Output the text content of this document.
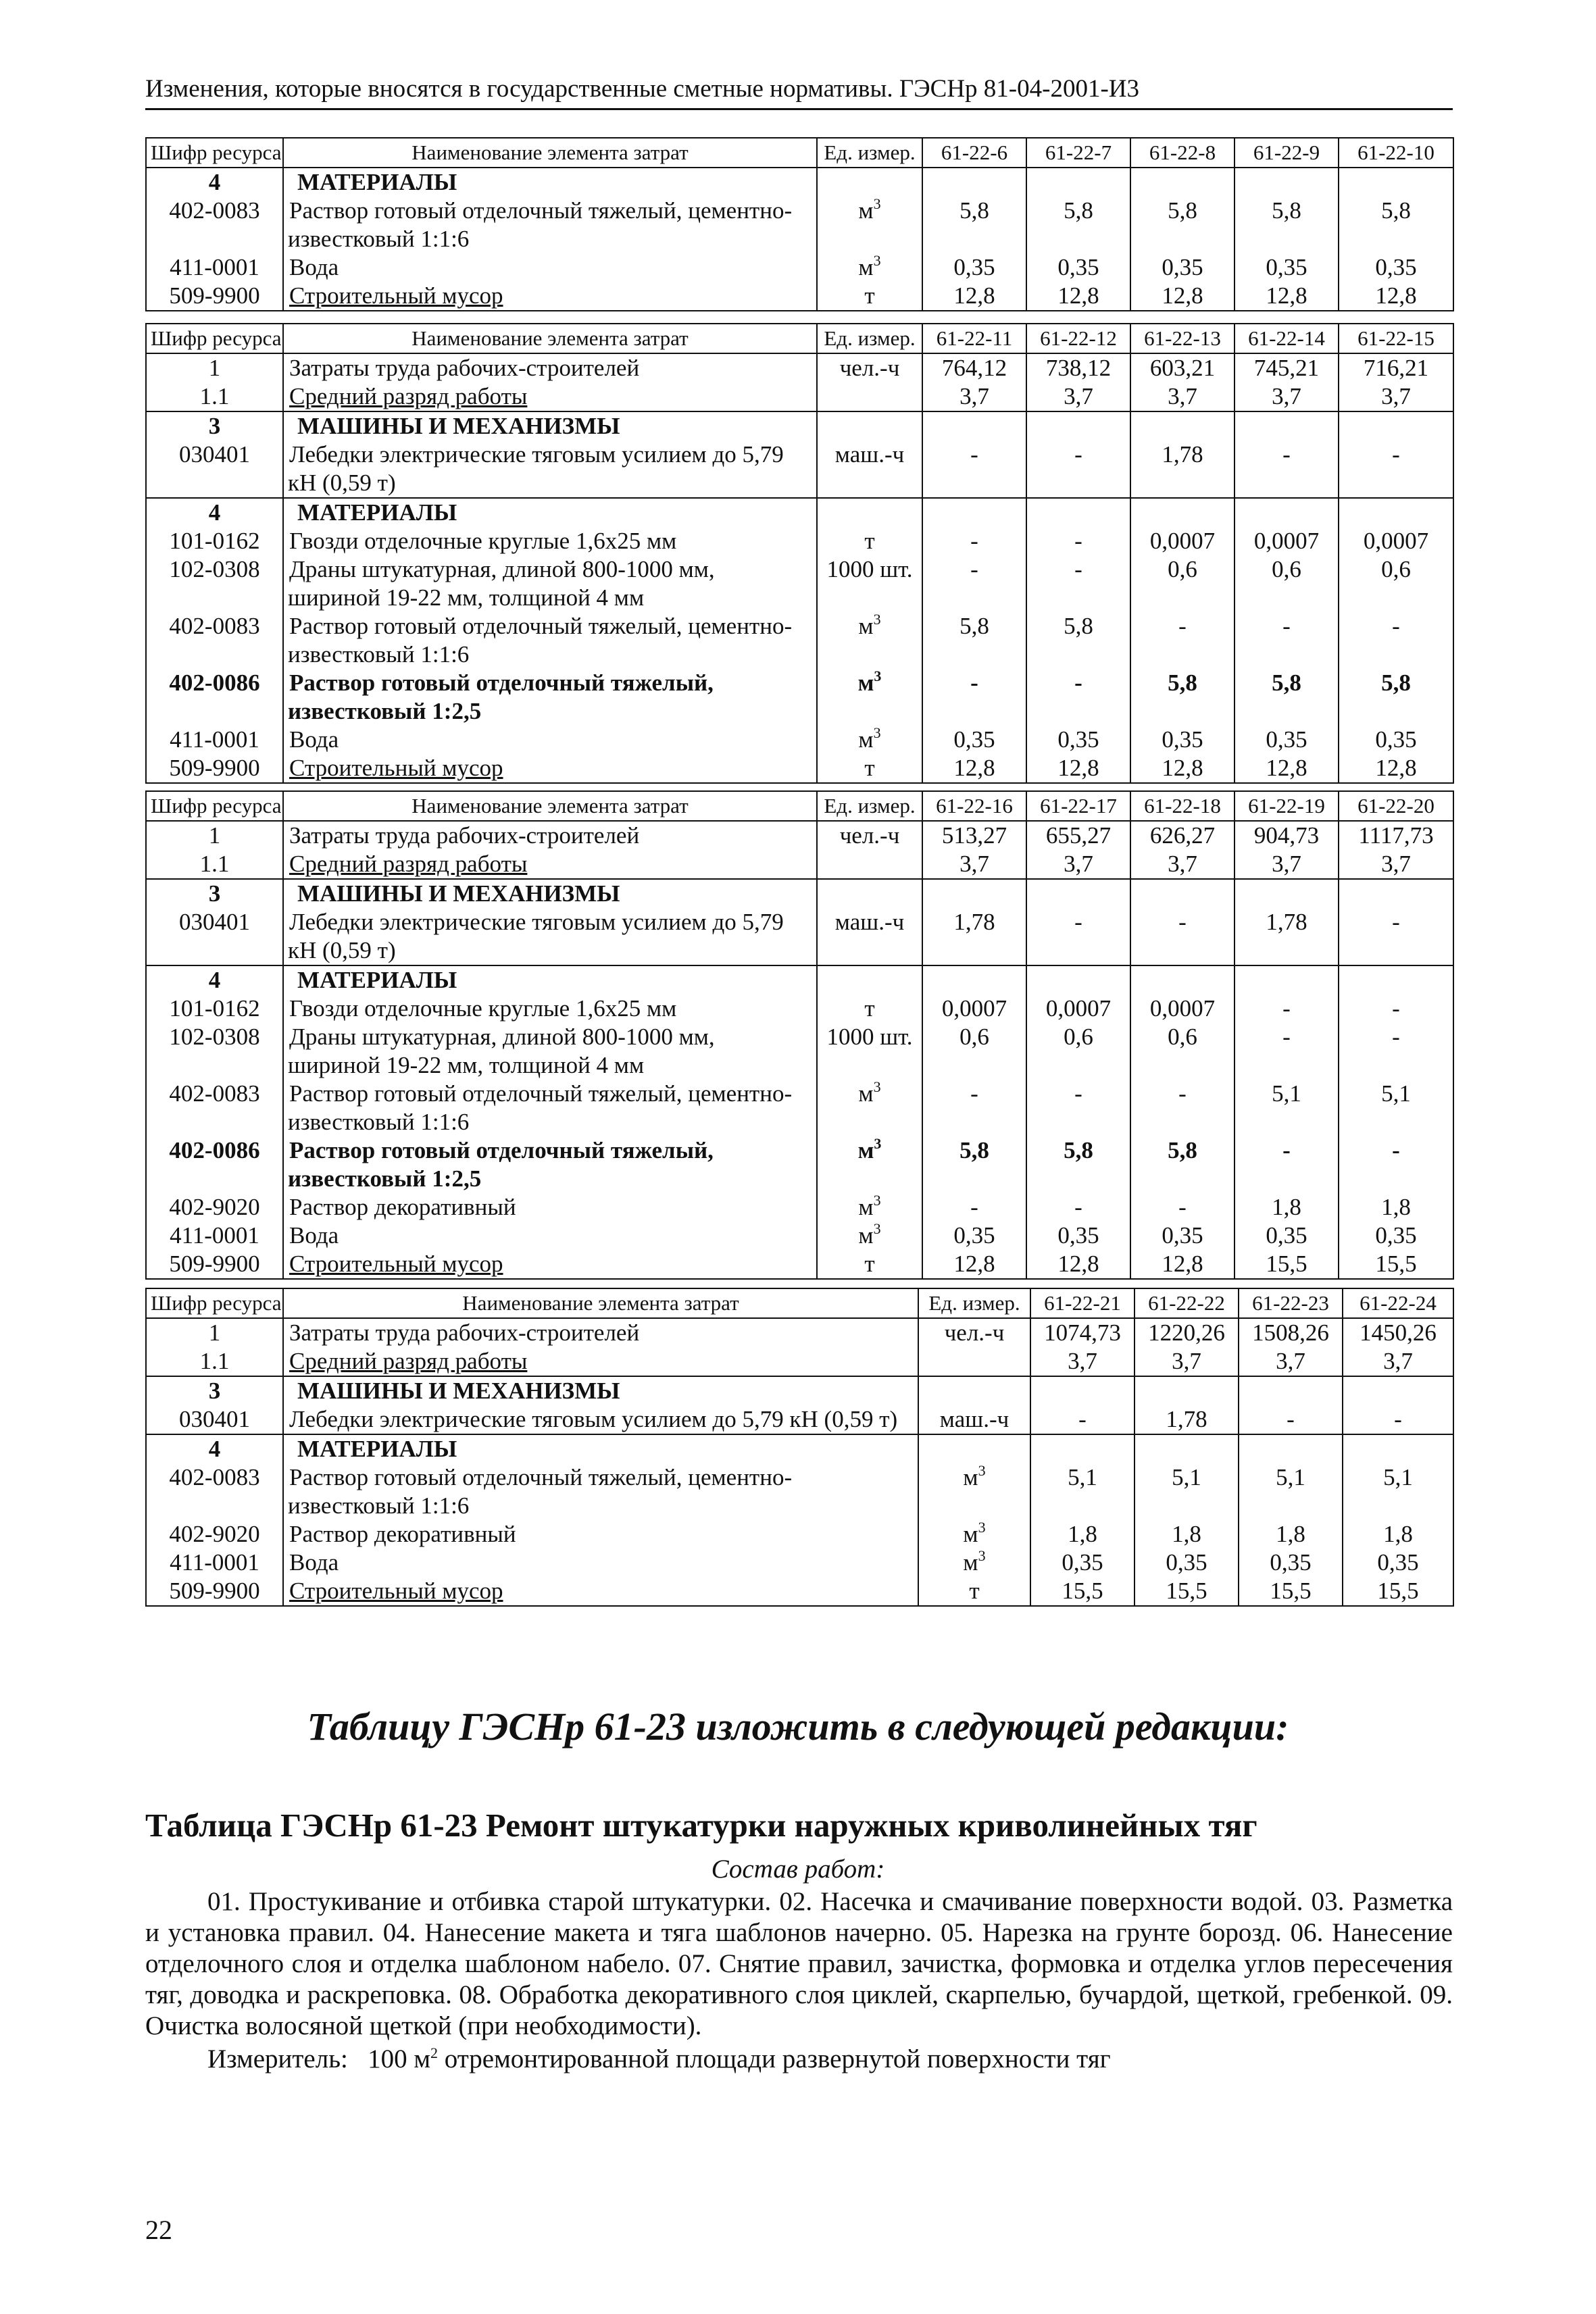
Изменения, которые вносятся в государственные сметные нормативы. ГЭСНр 81-04-2001-И3
Шифр ресурса	Наименование элемента затрат	Ед. измер.	61-22-6	61-22-7	61-22-8	61-22-9	61-22-10
4	МАТЕРИАЛЫ						
402-0083	Раствор готовый отделочный тяжелый, цементно-известковый 1:1:6	$м^3$	5,8	5,8	5,8	5,8	5,8
411-0001	Вода	$м^3$	0,35	0,35	0,35	0,35	0,35
509-9900	Строительный мусор	т	12,8	12,8	12,8	12,8	12,8
Шифр ресурса	Наименование элемента затрат	Ед. измер.	61-22-11	61-22-12	61-22-13	61-22-14	61-22-15
1	Затраты труда рабочих-строителей	чел.-ч	764,12	738,12	603,21	745,21	716,21
1.1	Средний разряд работы		3,7	3,7	3,7	3,7	3,7
3	МАШИНЫ И МЕХАНИЗМЫ						
030401	Лебедки электрические тяговым усилием до 5,79 кН (0,59 т)	маш.-ч	-	-	1,78	-	-
4	МАТЕРИАЛЫ						
101-0162	Гвозди отделочные круглые 1,6х25 мм	т	-	-	0,0007	0,0007	0,0007
102-0308	Драны штукатурная, длиной 800-1000 мм, шириной 19-22 мм, толщиной 4 мм	1000 шт.	-	-	0,6	0,6	0,6
402-0083	Раствор готовый отделочный тяжелый, цементно-известковый 1:1:6	$м^3$	5,8	5,8	-	-	-
402-0086	Раствор готовый отделочный тяжелый, известковый 1:2,5	$м^3$	-	-	5,8	5,8	5,8
411-0001	Вода	$м^3$	0,35	0,35	0,35	0,35	0,35
509-9900	Строительный мусор	т	12,8	12,8	12,8	12,8	12,8
Шифр ресурса	Наименование элемента затрат	Ед. измер.	61-22-16	61-22-17	61-22-18	61-22-19	61-22-20
1	Затраты труда рабочих-строителей	чел.-ч	513,27	655,27	626,27	904,73	1117,73
1.1	Средний разряд работы		3,7	3,7	3,7	3,7	3,7
3	МАШИНЫ И МЕХАНИЗМЫ						
030401	Лебедки электрические тяговым усилием до 5,79 кН (0,59 т)	маш.-ч	1,78	-	-	1,78	-
4	МАТЕРИАЛЫ						
101-0162	Гвозди отделочные круглые 1,6х25 мм	т	0,0007	0,0007	0,0007	-	-
102-0308	Драны штукатурная, длиной 800-1000 мм, шириной 19-22 мм, толщиной 4 мм	1000 шт.	0,6	0,6	0,6	-	-
402-0083	Раствор готовый отделочный тяжелый, цементно-известковый 1:1:6	$м^3$	-	-	-	5,1	5,1
402-0086	Раствор готовый отделочный тяжелый, известковый 1:2,5	$м^3$	5,8	5,8	5,8	-	-
402-9020	Раствор декоративный	$м^3$	-	-	-	1,8	1,8
411-0001	Вода	$м^3$	0,35	0,35	0,35	0,35	0,35
509-9900	Строительный мусор	т	12,8	12,8	12,8	15,5	15,5
Шифр ресурса	Наименование элемента затрат	Ед. измер.	61-22-21	61-22-22	61-22-23	61-22-24
1	Затраты труда рабочих-строителей	чел.-ч	1074,73	1220,26	1508,26	1450,26
1.1	Средний разряд работы		3,7	3,7	3,7	3,7
3	МАШИНЫ И МЕХАНИЗМЫ					
030401	Лебедки электрические тяговым усилием до 5,79 кН (0,59 т)	маш.-ч	-	1,78	-	-
4	МАТЕРИАЛЫ					
402-0083	Раствор готовый отделочный тяжелый, цементно-известковый 1:1:6	$м^3$	5,1	5,1	5,1	5,1
402-9020	Раствор декоративный	$м^3$	1,8	1,8	1,8	1,8
411-0001	Вода	$м^3$	0,35	0,35	0,35	0,35
509-9900	Строительный мусор	т	15,5	15,5	15,5	15,5
Таблицу ГЭСНр 61-23 изложить в следующей редакции:
Таблица ГЭСНр 61-23 Ремонт штукатурки наружных криволинейных тяг
Состав работ:
01. Простукивание и отбивка старой штукатурки. 02. Насечка и смачивание поверхности водой. 03. Разметка и установка правил. 04. Нанесение макета и тяга шаблонов начерно. 05. Нарезка на грунте борозд. 06. Нанесение отделочного слоя и отделка шаблоном набело. 07. Снятие правил, зачистка, формовка и отделка углов пересечения тяг, доводка и раскреповка. 08. Обработка декоративного слоя циклей, скарпелью, бучардой, щеткой, гребенкой. 09. Очистка волосяной щеткой (при необходимости).
Измеритель: 100 $м^2$ отремонтированной площади развернутой поверхности тяг
22
